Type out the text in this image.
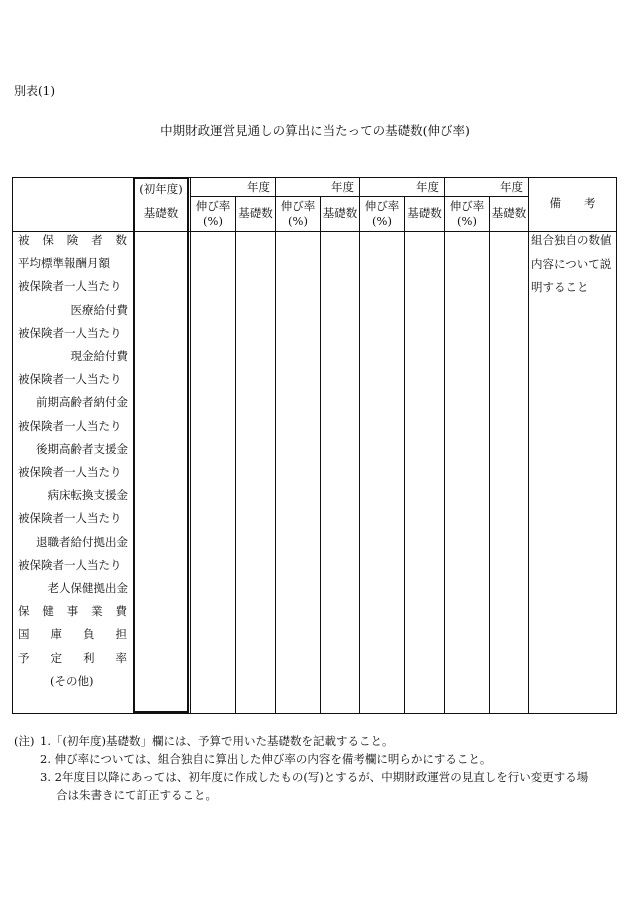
別表(1)
中期財政運営見通しの算出に当たっての基礎数(伸び率)
(初年度)
基礎数
年度
伸び率
(%)
基礎数
年度
伸び率
(%)
基礎数
年度
伸び率
(%)
基礎数
年度
伸び率
(%)
基礎数
備　　考
被 保 険 者 数
平均標準報酬月額
被保険者一人当たり
医療給付費
被保険者一人当たり
現金給付費
被保険者一人当たり
前期高齢者納付金
被保険者一人当たり
後期高齢者支援金
被保険者一人当たり
病床転換支援金
被保険者一人当たり
退職者給付拠出金
被保険者一人当たり
老人保健拠出金
保 健 事 業 費
国 庫 負 担
予 定 利 率
(その他)
組合独自の数値
内容について説
明すること
(注) 1.「(初年度)基礎数」欄には、予算で用いた基礎数を記載すること。
2. 伸び率については、組合独自に算出した伸び率の内容を備考欄に明らかにすること。
3. 2年度目以降にあっては、初年度に作成したもの(写)とするが、中期財政運営の見直しを行い変更する場
合は朱書きにて訂正すること。
